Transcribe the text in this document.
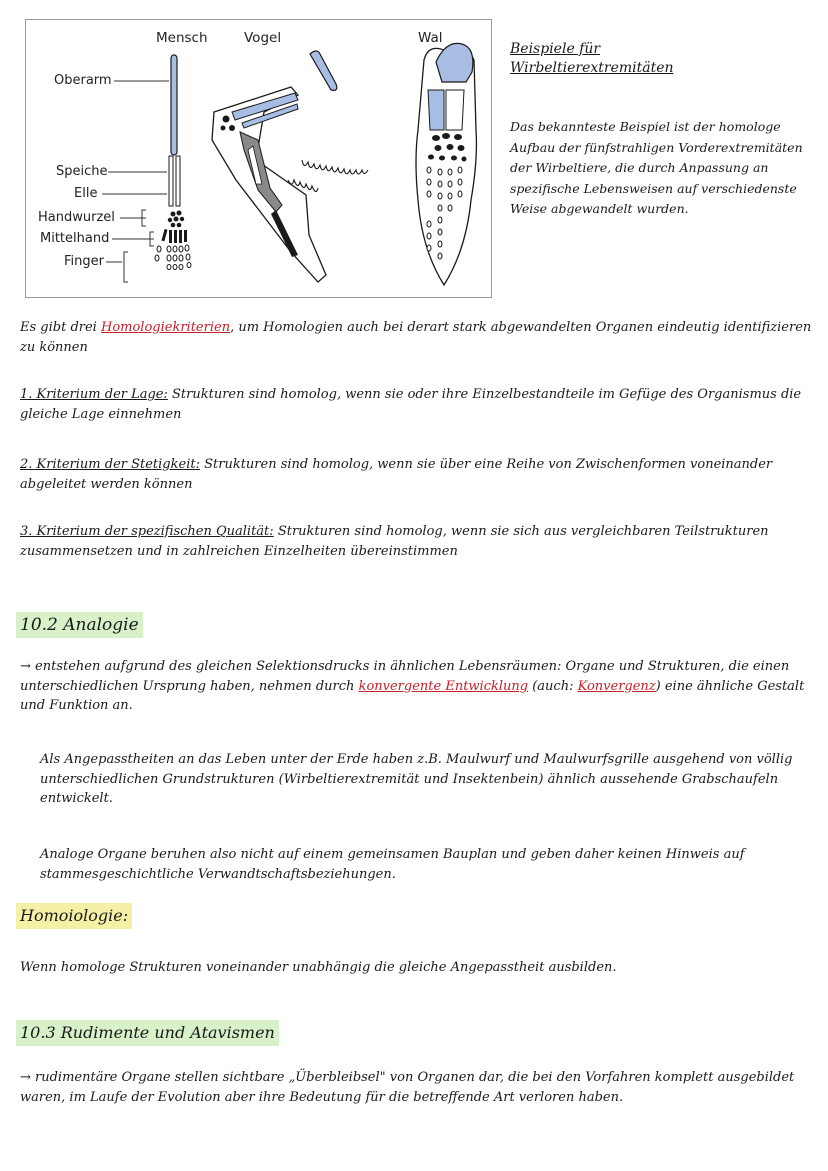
Mensch	Vogel	Wal
Oberarm
Speiche
Elle
Handwurzel
Mittelhand
Finger
Beispiele für
Wirbeltierextremitäten
Das bekannteste Beispiel ist der homologe Aufbau der fünfstrahligen Vorderextremitäten der Wirbeltiere, die durch Anpassung an spezifische Lebensweisen auf verschiedenste Weise abgewandelt wurden.
Es gibt drei Homologiekriterien, um Homologien auch bei derart stark abgewandelten Organen eindeutig identifizieren zu können
1. Kriterium der Lage: Strukturen sind homolog, wenn sie oder ihre Einzelbestandteile im Gefüge des Organismus die gleiche Lage einnehmen
2. Kriterium der Stetigkeit: Strukturen sind homolog, wenn sie über eine Reihe von Zwischenformen voneinander abgeleitet werden können
3. Kriterium der spezifischen Qualität: Strukturen sind homolog, wenn sie sich aus vergleichbaren Teilstrukturen zusammensetzen und in zahlreichen Einzelheiten übereinstimmen
10.2 Analogie
→ entstehen aufgrund des gleichen Selektionsdrucks in ähnlichen Lebensräumen: Organe und Strukturen, die einen unterschiedlichen Ursprung haben, nehmen durch konvergente Entwicklung (auch: Konvergenz) eine ähnliche Gestalt und Funktion an.
Als Angepasstheiten an das Leben unter der Erde haben z.B. Maulwurf und Maulwurfsgrille ausgehend von völlig unterschiedlichen Grundstrukturen (Wirbeltierextremität und Insektenbein) ähnlich aussehende Grabschaufeln entwickelt.
Analoge Organe beruhen also nicht auf einem gemeinsamen Bauplan und geben daher keinen Hinweis auf stammesgeschichtliche Verwandtschaftsbeziehungen.
Homoiologie:
Wenn homologe Strukturen voneinander unabhängig die gleiche Angepasstheit ausbilden.
10.3 Rudimente und Atavismen
→ rudimentäre Organe stellen sichtbare „Überbleibsel" von Organen dar, die bei den Vorfahren komplett ausgebildet waren, im Laufe der Evolution aber ihre Bedeutung für die betreffende Art verloren haben.
